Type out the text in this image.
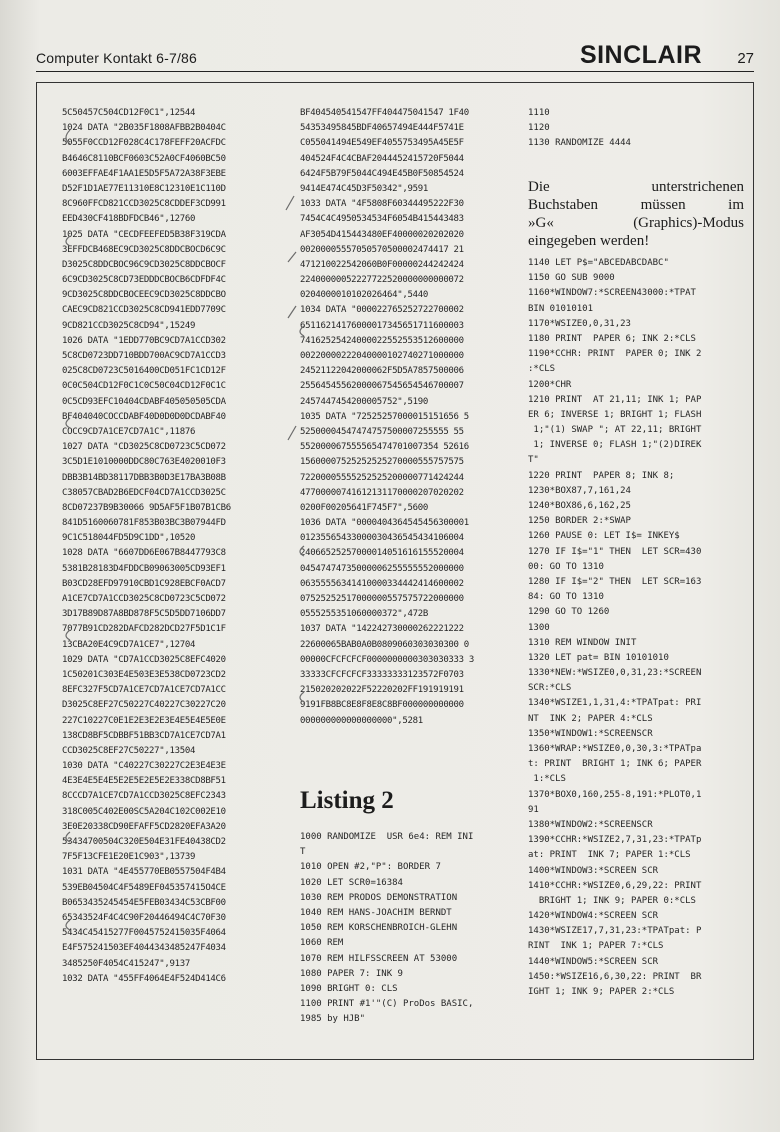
Computer Kontakt 6-7/86	SINCLAIR 27
5C50457C504CD12F0C1",12544
1024 DATA "2B035F1808AFBB2B0404C
5055F0CCD12F028C4C178FEFF20ACFDC
B4646C8110BCF0603C52A0CF4060BC50
6003EFFAE4F1AA1E5D5F5A72A38F3EBE
D52F1D1AE77E11310E8C12310E1C110D
8C960FFCD821CCD3025C8CDDEF3CD991
EED430CF418BDFDCB46",12760
1025 DATA "CECDFEEFED5B38F319CDA
3EFFDCB468EC9CD3025C8DDCBOCD6C9C
D3025C8DDCBOC96C9CD3025C8DDCBOCF
6C9CD3025C8CD73EDDDCBOCB6CDFDF4C
9CD3025C8DDCBOCEEC9CD3025C8DDCBO
CAEC9CD821CCD3025C8CD941EDD7709C
9CD821CCD3025C8CD94",15249
1026 DATA "1EDD770BC9CD7A1CCD302
5C8CD0723DD710BDD700AC9CD7A1CCD3
025C8CD0723C5016400CD051FC1CD12F
0C0C504CD12F0C1C0C50C04CD12F0C1C
0C5CD93EFC10404CDABF405050505CDA
BF404040COCCDABF40D0D0D0DCDABF40
COCC9CD7A1CE7CD7A1C",11876
1027 DATA "CD3025C8CD0723C5CD072
3C5D1E1010000DDC80C763E4020010F3
DBB3B14BD38117DBB3B0D3E17BA3B08B
C38057CBAD2B6EDCF04CD7A1CCD3025C
8CD07237B9B30066 9D5AF5F1B07B1CB6
841D5160060781F853B03BC3B07944FD
9C1C518044FD5D9C1DD",10520
1028 DATA "6607DD6E067B8447793C8
5381B28183D4FDDCB09063005CD93EF1
B03CD28EFD97910CBD1C928EBCF0ACD7
A1CE7CD7A1CCD3025C8CD0723C5CD072
3D17B89D87A8BD878F5C5D5DD7106DD7
7077B91CD282DAFCD282DCD27F5D1C1F
13CBA20E4C9CD7A1CE7",12704
1029 DATA "CD7A1CCD3025C8EFC4020
1C50201C303E4E503E3E538CD0723CD2
8EFC327F5CD7A1CE7CD7A1CE7CD7A1CC
D3025C8EF27C50227C40227C30227C20
227C10227C0E1E2E3E2E3E4E5E4E5E0E
138CD8BF5CDBBF51BB3CD7A1CE7CD7A1
CCD3025C8EF27C50227",13504
1030 DATA "C40227C30227C2E3E4E3E
4E3E4E5E4E5E2E5E2E5E2E338CD8BF51
8CCCD7A1CE7CD7A1CCD3025C8EFC2343
318C005C402E00SC5A204C102C002E10
3E0E20338CD90EFAFF5CD2820EFA3A20
53434700504C320E504E31FE40438CD2
7F5F13CFE1E20E1C903",13739
1031 DATA "4E455770EB0557504F4B4
539EB04504C4F5489EF045357415O4CE
B0653435245454E5FEB03434C53CBF00
65343524F4C4C90F20446494C4C70F30
5434C45415277F0045752415035F4064
E4F575241503EF4044343485247F4034
3485250F4054C415247",9137
1032 DATA "455FF4064E4F524D414C6
BF404540541547FF404475041547 1F40
54353495845BDF40657494E444F5741E
C055041494E549EF4055753495A45E5F
404524F4C4CBAF2044452415720F5044
6424F5B79F5044C494E45B0F50854524
9414E474C45D3F50342",9591
1033 DATA "4F5808F60344495222F30
7454C4C4950534534F6054B415443483
AF3054D415443480EF40000020202020
00200005557050570500002474417 21
471210022542060B0F00000244242424
22400000052227722520000000000072
0204000010102026464",5440
1034 DATA "000022765252722700002
65116214176000017345651711600003
74162525424000022552553512600000
00220000222040000102740271000000
24521122042000062F5D5A7857500006
25564545562000067545654546700007
2457447454200005752",5190
1035 DATA "72525257000015151656 5
52500004547474757500007255555 55
552000067555565474701007354 52616
15600007525252525270000555757575
72200005555252525200000771424244
47700000741612131170000207020202
0200F00205641F745F7",5600
1036 DATA "0000404364545456300001
01235565433000030436545434106004
24066525257000014051616155520004
04547474735000006255555552000000
06355556341410000334442414600002
07525252517000000557575722000000
0555255351060000372",472B
1037 DATA "142242730000262221222
22600065BAB0A0B0809060303030300 0
00000CFCFCFCF0000000000303030333 3
33333CFCFCFCF33333333123572F0703
215020202022F52220202FF191919191
9191FB8BC8E8F8E8C8BF000000000000
000000000000000000",5281
Listing 2
1000 RANDOMIZE  USR 6e4: REM INI
T
1010 OPEN #2,"P": BORDER 7
1020 LET SCR0=16384
1030 REM PRODOS DEMONSTRATION
1040 REM HANS-JOACHIM BERNDT
1050 REM KORSCHENBROICH-GLEHN
1060 REM
1070 REM HILFSSCREEN AT 53000
1080 PAPER 7: INK 9
1090 BRIGHT 0: CLS
1100 PRINT #1'"(C) ProDos BASIC,
1985 by HJB"
1110
1120
1130 RANDOMIZE 4444
Die unterstrichenen
Buchstaben müssen im
»G« (Graphics)-Modus
eingegeben werden!
1140 LET P$="ABCEDABCDABC"
1150 GO SUB 9000
1160*WINDOW7:*SCREEN43000:*TPAT
BIN 01010101
1170*WSIZE0,0,31,23
1180 PRINT  PAPER 6; INK 2:*CLS
1190*CCHR: PRINT  PAPER 0; INK 2
:*CLS
1200*CHR
1210 PRINT  AT 21,11; INK 1; PAP
ER 6; INVERSE 1; BRIGHT 1; FLASH
1;"(1) SWAP "; AT 22,11; BRIGHT
1; INVERSE 0; FLASH 1;"(2)DIREK
T"
1220 PRINT  PAPER 8; INK 8;
1230*BOX87,7,161,24
1240*BOX86,6,162,25
1250 BORDER 2:*SWAP
1260 PAUSE 0: LET I$= INKEY$
1270 IF I$="1" THEN  LET SCR=430
00: GO TO 1310
1280 IF I$="2" THEN  LET SCR=163
84: GO TO 1310
1290 GO TO 1260
1300
1310 REM WINDOW INIT
1320 LET pat= BIN 10101010
1330*NEW:*WSIZE0,0,31,23:*SCREEN
SCR:*CLS
1340*WSIZE1,1,31,4:*TPATpat: PRI
NT  INK 2; PAPER 4:*CLS
1350*WINDOW1:*SCREENSCR
1360*WRAP:*WSIZE0,0,30,3:*TPATpa
t: PRINT  BRIGHT 1; INK 6; PAPER
1:*CLS
1370*BOX0,160,255-8,191:*PLOT0,1
91
1380*WINDOW2:*SCREENSCR
1390*CCHR:*WSIZE2,7,31,23:*TPATp
at: PRINT  INK 7; PAPER 1:*CLS
1400*WINDOW3:*SCREEN SCR
1410*CCHR:*WSIZE0,6,29,22: PRINT
BRIGHT 1; INK 9; PAPER 0:*CLS
1420*WINDOW4:*SCREEN SCR
1430*WSIZE17,7,31,23:*TPATpat: P
RINT  INK 1; PAPER 7:*CLS
1440*WINDOW5:*SCREEN SCR
1450:*WSIZE16,6,30,22: PRINT  BR
IGHT 1; INK 9; PAPER 2:*CLS
